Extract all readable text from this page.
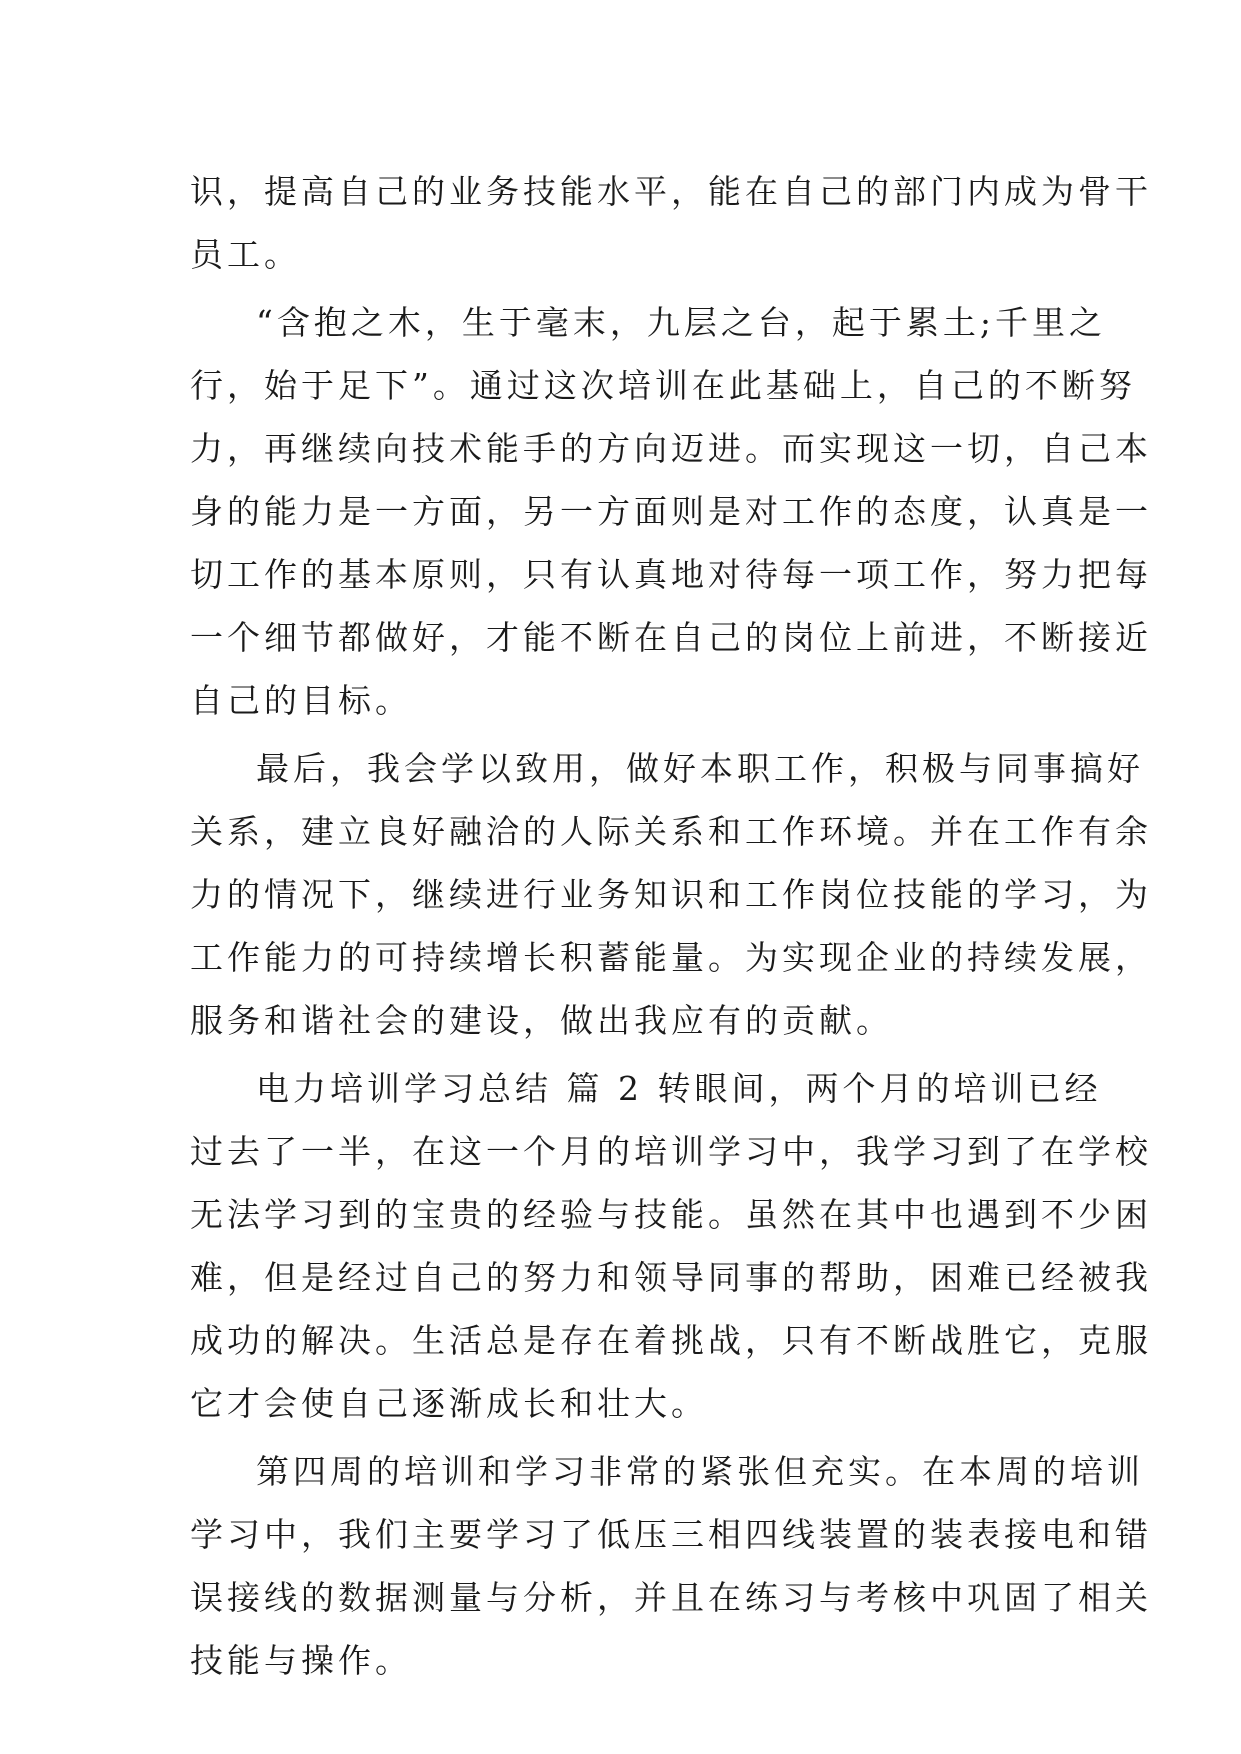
识，提高自己的业务技能水平，能在自己的部门内成为骨干
员工。
“含抱之木，生于毫末，九层之台，起于累土;千里之
行，始于足下”。通过这次培训在此基础上，自己的不断努
力，再继续向技术能手的方向迈进。而实现这一切，自己本
身的能力是一方面，另一方面则是对工作的态度，认真是一
切工作的基本原则，只有认真地对待每一项工作，努力把每
一个细节都做好，才能不断在自己的岗位上前进，不断接近
自己的目标。
最后，我会学以致用，做好本职工作，积极与同事搞好
关系，建立良好融洽的人际关系和工作环境。并在工作有余
力的情况下，继续进行业务知识和工作岗位技能的学习，为
工作能力的可持续增长积蓄能量。为实现企业的持续发展，
服务和谐社会的建设，做出我应有的贡献。
电力培训学习总结 篇 2 转眼间，两个月的培训已经
过去了一半，在这一个月的培训学习中，我学习到了在学校
无法学习到的宝贵的经验与技能。虽然在其中也遇到不少困
难，但是经过自己的努力和领导同事的帮助，困难已经被我
成功的解决。生活总是存在着挑战，只有不断战胜它，克服
它才会使自己逐渐成长和壮大。
第四周的培训和学习非常的紧张但充实。在本周的培训
学习中，我们主要学习了低压三相四线装置的装表接电和错
误接线的数据测量与分析，并且在练习与考核中巩固了相关
技能与操作。
